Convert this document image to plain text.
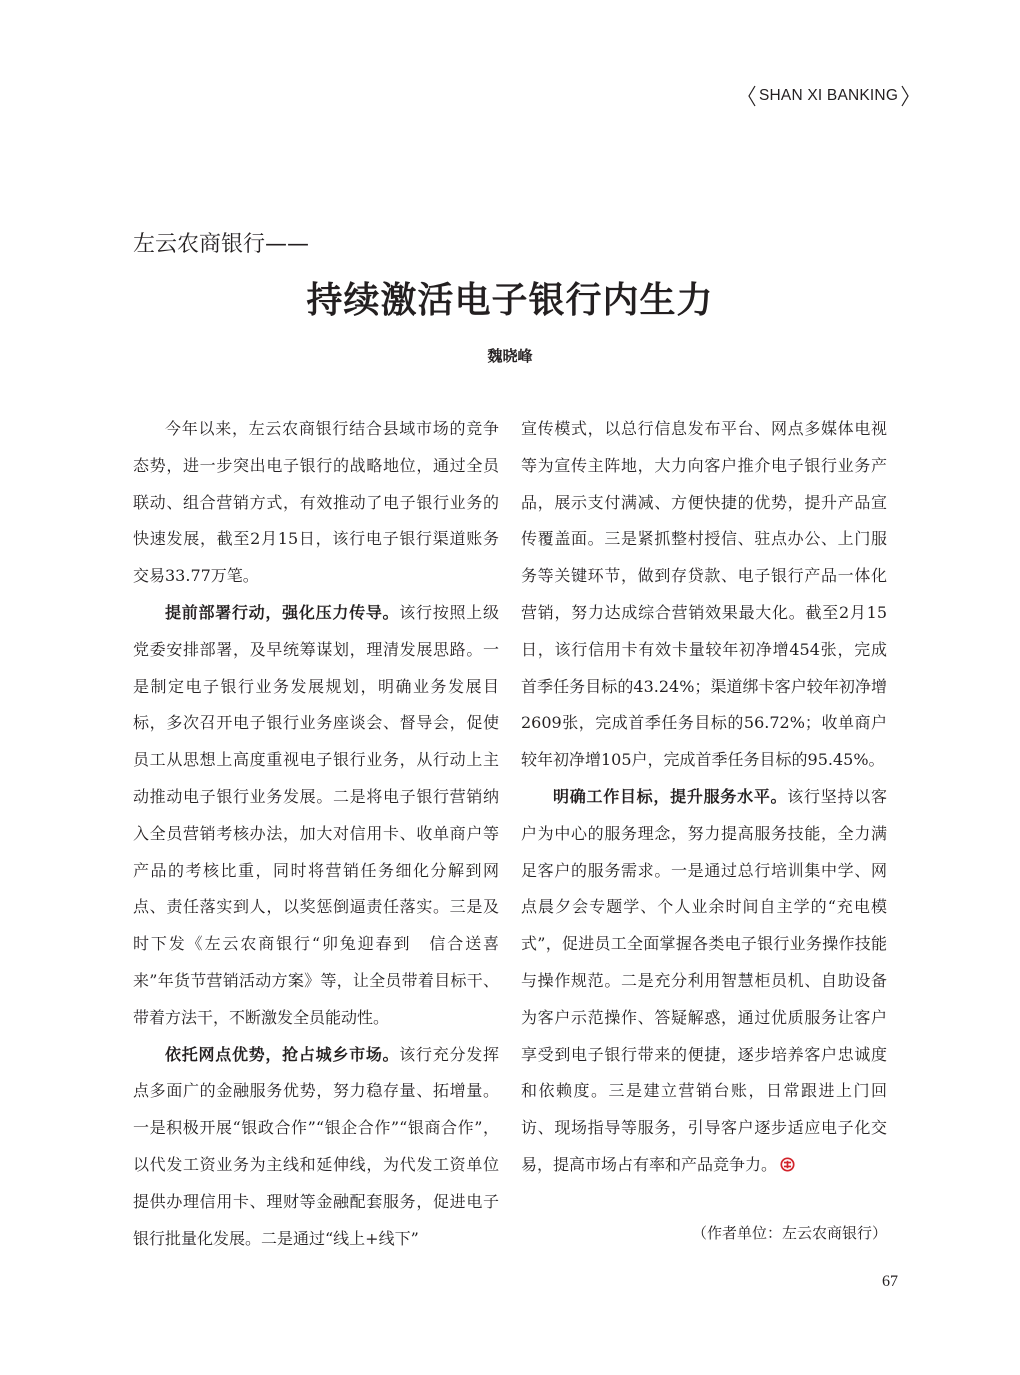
SHAN XI BANKING
左云农商银行——
持续激活电子银行内生力
魏晓峰

今年以来，左云农商银行结合县域市场的竞争态势，进一步突出电子银行的战略地位，通过全员联动、组合营销方式，有效推动了电子银行业务的快速发展，截至2月15日，该行电子银行渠道账务交易33.77万笔。

提前部署行动，强化压力传导。该行按照上级党委安排部署，及早统筹谋划，理清发展思路。一是制定电子银行业务发展规划，明确业务发展目标，多次召开电子银行业务座谈会、督导会，促使员工从思想上高度重视电子银行业务，从行动上主动推动电子银行业务发展。二是将电子银行营销纳入全员营销考核办法，加大对信用卡、收单商户等产品的考核比重，同时将营销任务细化分解到网点、责任落实到人，以奖惩倒逼责任落实。三是及时下发《左云农商银行“卯兔迎春到　信合送喜来”年货节营销活动方案》等，让全员带着目标干、带着方法干，不断激发全员能动性。

依托网点优势，抢占城乡市场。该行充分发挥点多面广的金融服务优势，努力稳存量、拓增量。一是积极开展“银政合作”“银企合作”“银商合作”，以代发工资业务为主线和延伸线，为代发工资单位提供办理信用卡、理财等金融配套服务，促进电子银行批量化发展。二是通过“线上+线下”

宣传模式，以总行信息发布平台、网点多媒体电视等为宣传主阵地，大力向客户推介电子银行业务产品，展示支付满减、方便快捷的优势，提升产品宣传覆盖面。三是紧抓整村授信、驻点办公、上门服务等关键环节，做到存贷款、电子银行产品一体化营销，努力达成综合营销效果最大化。截至2月15日，该行信用卡有效卡量较年初净增454张，完成首季任务目标的43.24%；渠道绑卡客户较年初净增2609张，完成首季任务目标的56.72%；收单商户较年初净增105户，完成首季任务目标的95.45%。

明确工作目标，提升服务水平。该行坚持以客户为中心的服务理念，努力提高服务技能，全力满足客户的服务需求。一是通过总行培训集中学、网点晨夕会专题学、个人业余时间自主学的“充电模式”，促进员工全面掌握各类电子银行业务操作技能与操作规范。二是充分利用智慧柜员机、自助设备为客户示范操作、答疑解惑，通过优质服务让客户享受到电子银行带来的便捷，逐步培养客户忠诚度和依赖度。三是建立营销台账，日常跟进上门回访、现场指导等服务，引导客户逐步适应电子化交易，提高市场占有率和产品竞争力。

（作者单位：左云农商银行）
67
